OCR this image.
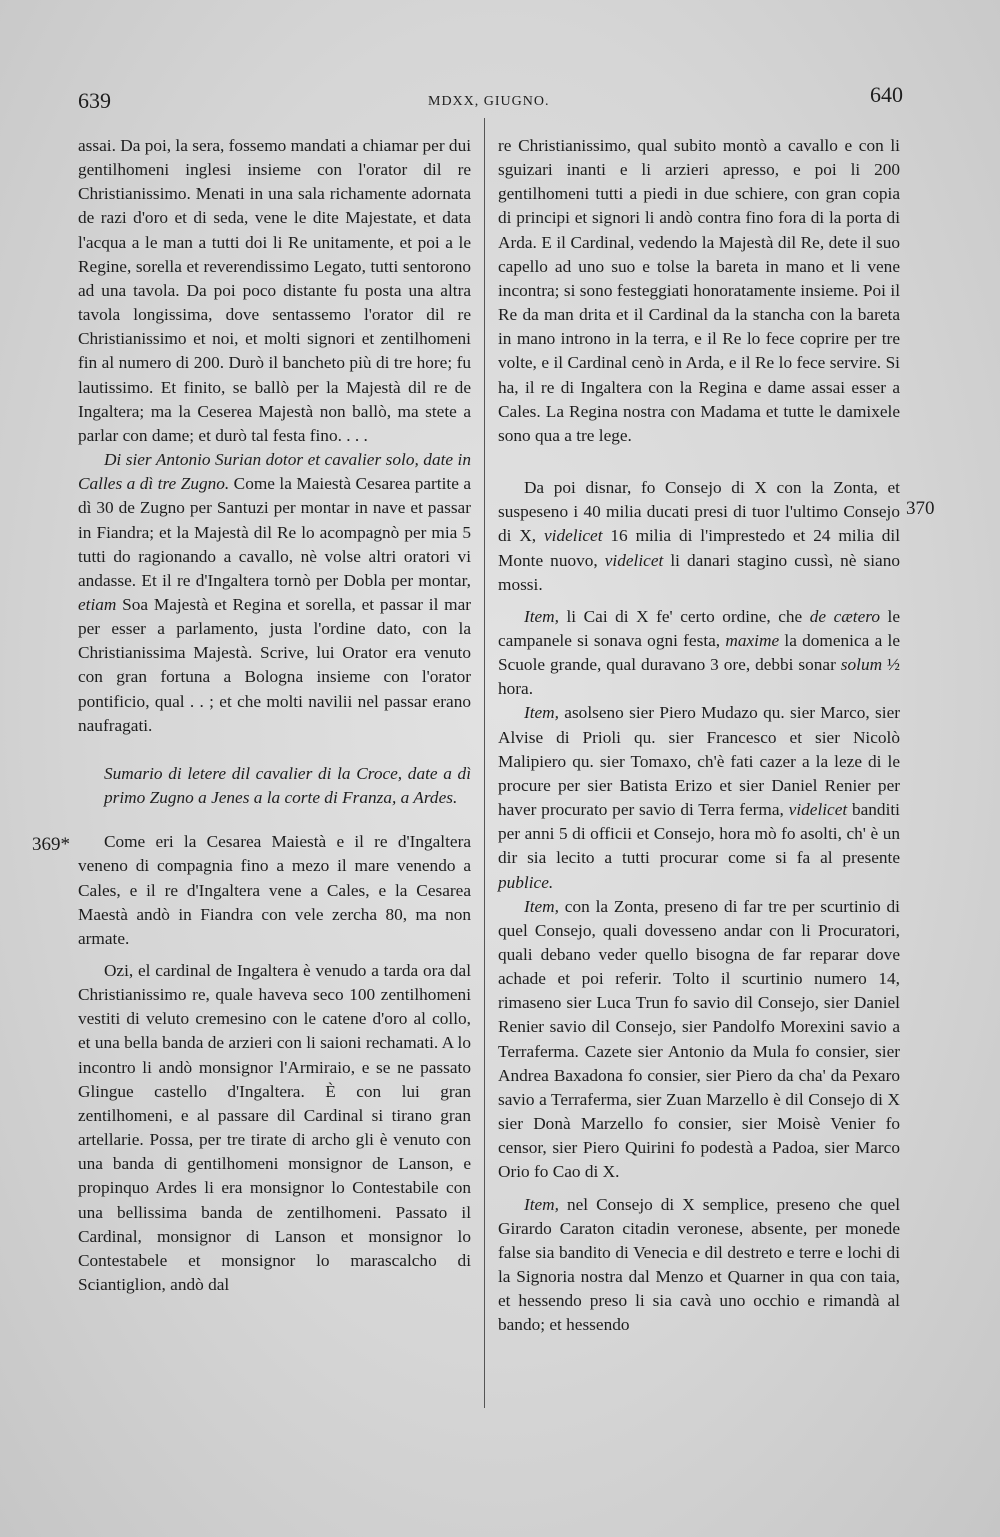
639	MDXX, GIUGNO.	640
369*
370

assai. Da poi, la sera, fossemo mandati a chiamar per dui gentilhomeni inglesi insieme con l'orator dil re Christianissimo. Menati in una sala richamente adornata de razi d'oro et di seda, vene le dite Majestate, et data l'acqua a le man a tutti doi li Re unitamente, et poi a le Regine, sorella et reverendissimo Legato, tutti sentorono ad una tavola. Da poi poco distante fu posta una altra tavola longissima, dove sentassemo l'orator dil re Christianissimo et noi, et molti signori et zentilhomeni fin al numero di 200. Durò il bancheto più di tre hore; fu lautissimo. Et finito, se ballò per la Majestà dil re de Ingaltera; ma la Ceserea Majestà non ballò, ma stete a parlar con dame; et durò tal festa fino. . . .

Di sier Antonio Surian dotor et cavalier solo, date in Calles a dì tre Zugno. Come la Maiestà Cesarea partite a dì 30 de Zugno per Santuzi per montar in nave et passar in Fiandra; et la Majestà dil Re lo acompagnò per mia 5 tutti do ragionando a cavallo, nè volse altri oratori vi andasse. Et il re d'Ingaltera tornò per Dobla per montar, etiam Soa Majestà et Regina et sorella, et passar il mar per esser a parlamento, justa l'ordine dato, con la Christianissima Majestà. Scrive, lui Orator era venuto con gran fortuna a Bologna insieme con l'orator pontificio, qual . . ; et che molti navilii nel passar erano naufragati.

Sumario di letere dil cavalier di la Croce, date a dì primo Zugno a Jenes a la corte di Franza, a Ardes.

Come eri la Cesarea Maiestà e il re d'Ingaltera veneno di compagnia fino a mezo il mare venendo a Cales, e il re d'Ingaltera vene a Cales, e la Cesarea Maestà andò in Fiandra con vele zercha 80, ma non armate.

Ozi, el cardinal de Ingaltera è venudo a tarda ora dal Christianissimo re, quale haveva seco 100 zentilhomeni vestiti di veluto cremesino con le catene d'oro al collo, et una bella banda de arzieri con li saioni rechamati. A lo incontro li andò monsignor l'Armiraio, e se ne passato Glingue castello d'Ingaltera. È con lui gran zentilhomeni, e al passare dil Cardinal si tirano gran artellarie. Possa, per tre tirate di archo gli è venuto con una banda di gentilhomeni monsignor de Lanson, e propinquo Ardes li era monsignor lo Contestabile con una bellissima banda de zentilhomeni. Passato il Cardinal, monsignor di Lanson et monsignor lo Contestabele et monsignor lo marascalcho di Sciantiglion, andò dal

re Christianissimo, qual subito montò a cavallo e con li sguizari inanti e li arzieri apresso, e poi li 200 gentilhomeni tutti a piedi in due schiere, con gran copia di principi et signori li andò contra fino fora di la porta di Arda. E il Cardinal, vedendo la Majestà dil Re, dete il suo capello ad uno suo e tolse la bareta in mano et li vene incontra; si sono festeggiati honoratamente insieme. Poi il Re da man drita et il Cardinal da la stancha con la bareta in mano introno in la terra, e il Re lo fece coprire per tre volte, e il Cardinal cenò in Arda, e il Re lo fece servire. Si ha, il re di Ingaltera con la Regina e dame assai esser a Cales. La Regina nostra con Madama et tutte le damixele sono qua a tre lege.

Da poi disnar, fo Consejo di X con la Zonta, et suspeseno i 40 milia ducati presi di tuor l'ultimo Consejo di X, videlicet 16 milia di l'imprestedo et 24 milia dil Monte nuovo, videlicet li danari stagino cussì, nè siano mossi.

Item, li Cai di X fe' certo ordine, che de cætero le campanele si sonava ogni festa, maxime la domenica a le Scuole grande, qual duravano 3 ore, debbi sonar solum ½ hora.

Item, asolseno sier Piero Mudazo qu. sier Marco, sier Alvise di Prioli qu. sier Francesco et sier Nicolò Malipiero qu. sier Tomaxo, ch'è fati cazer a la leze di le procure per sier Batista Erizo et sier Daniel Renier per haver procurato per savio di Terra ferma, videlicet banditi per anni 5 di officii et Consejo, hora mò fo asolti, ch' è un dir sia lecito a tutti procurar come si fa al presente publice.

Item, con la Zonta, preseno di far tre per scurtinio di quel Consejo, quali dovesseno andar con li Procuratori, quali debano veder quello bisogna de far reparar dove achade et poi referir. Tolto il scurtinio numero 14, rimaseno sier Luca Trun fo savio dil Consejo, sier Daniel Renier savio dil Consejo, sier Pandolfo Morexini savio a Terraferma. Cazete sier Antonio da Mula fo consier, sier Andrea Baxadona fo consier, sier Piero da cha' da Pexaro savio a Terraferma, sier Zuan Marzello è dil Consejo di X sier Donà Marzello fo consier, sier Moisè Venier fo censor, sier Piero Quirini fo podestà a Padoa, sier Marco Orio fo Cao di X.

Item, nel Consejo di X semplice, preseno che quel Girardo Caraton citadin veronese, absente, per monede false sia bandito di Venecia e dil destreto e terre e lochi di la Signoria nostra dal Menzo et Quarner in qua con taia, et hessendo preso li sia cavà uno occhio e rimandà al bando; et hessendo
